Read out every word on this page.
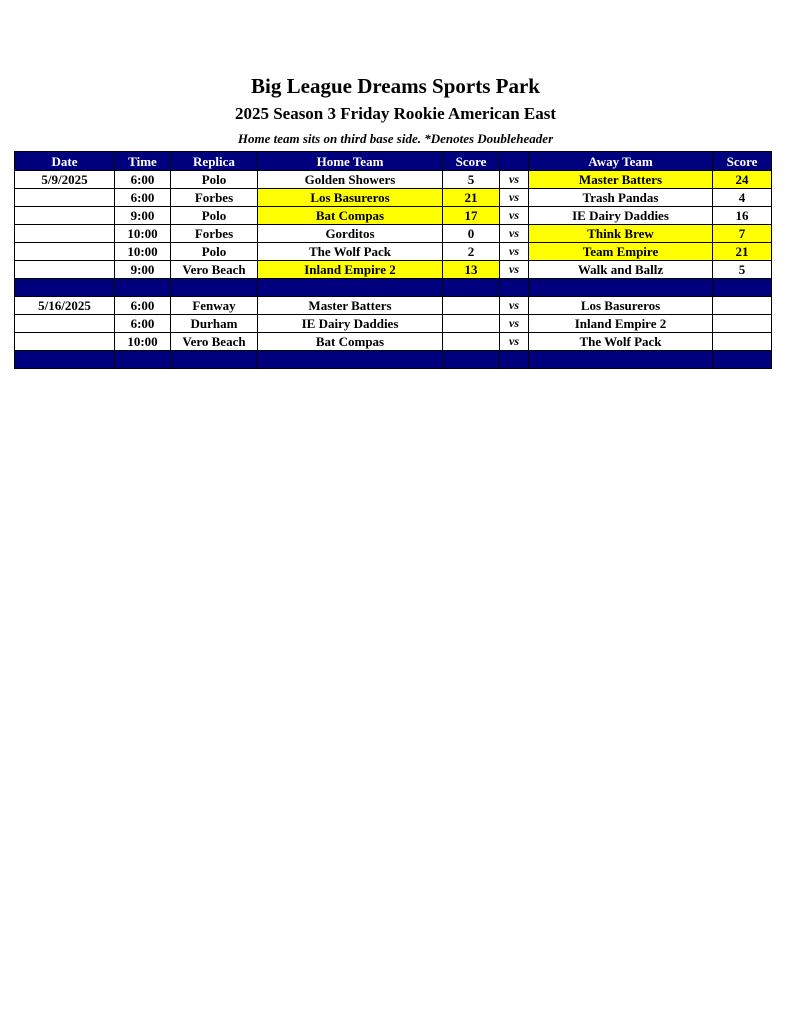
Big League Dreams Sports Park
2025 Season 3 Friday Rookie American East
Home team sits on third base side. *Denotes Doubleheader
Date	Time	Replica	Home Team	Score		Away Team	Score
5/9/2025	6:00	Polo	Golden Showers	5	vs	Master Batters	24
	6:00	Forbes	Los Basureros	21	vs	Trash Pandas	4
	9:00	Polo	Bat Compas	17	vs	IE Dairy Daddies	16
	10:00	Forbes	Gorditos	0	vs	Think Brew	7
	10:00	Polo	The Wolf Pack	2	vs	Team Empire	21
	9:00	Vero Beach	Inland Empire 2	13	vs	Walk and Ballz	5

5/16/2025	6:00	Fenway	Master Batters		vs	Los Basureros	
	6:00	Durham	IE Dairy Daddies		vs	Inland Empire 2	
	10:00	Vero Beach	Bat Compas		vs	The Wolf Pack	
